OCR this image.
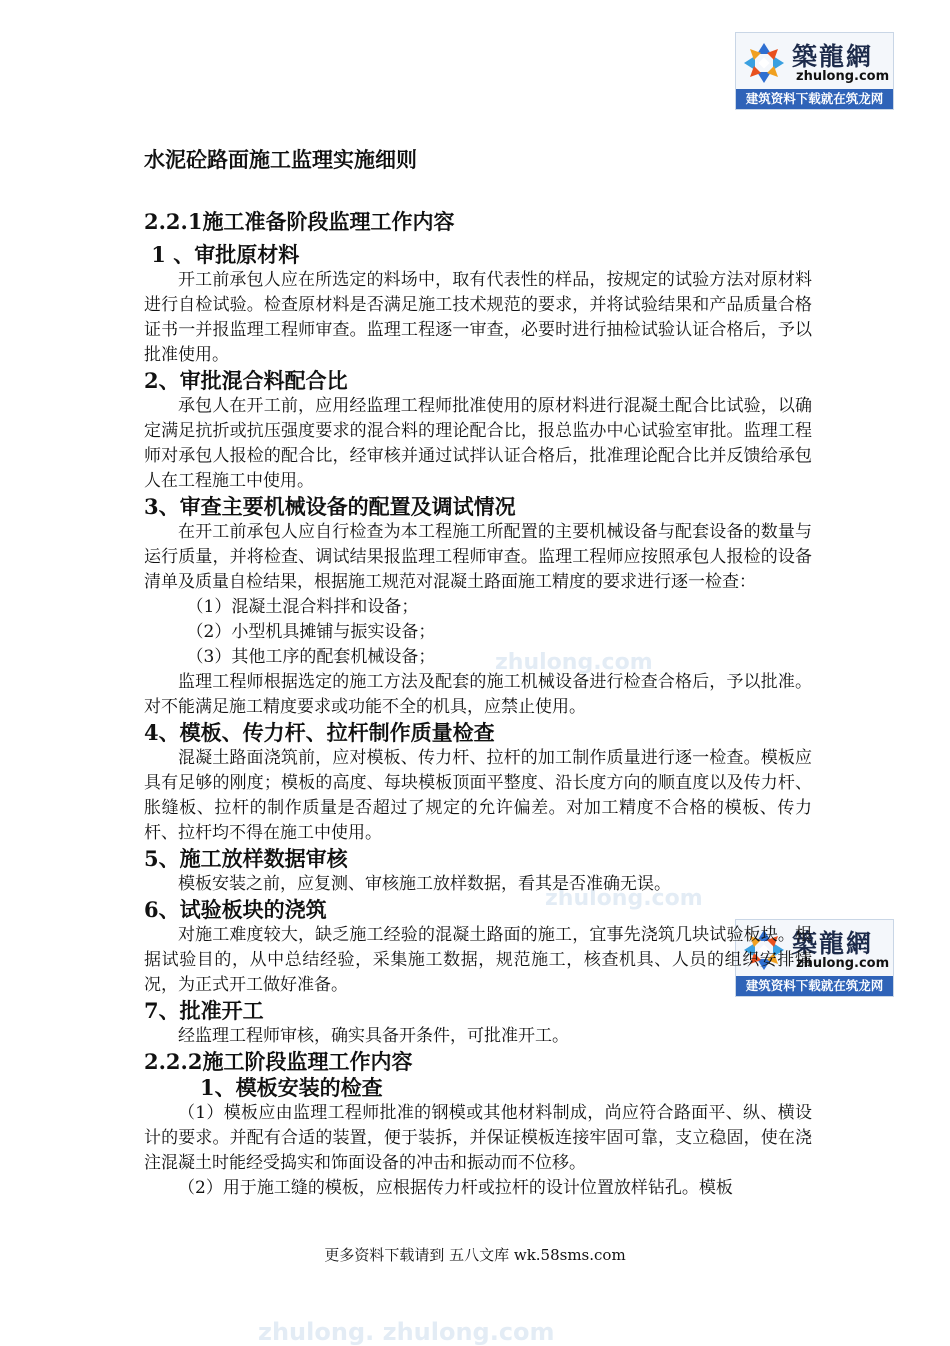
zhulong.com
zhulong.com
zhulong. zhulong.com
築龍網
zhulong.com
建筑资料下载就在筑龙网
築龍網
zhulong.com
建筑资料下载就在筑龙网
水泥砼路面施工监理实施细则
2.2.1施工准备阶段监理工作内容
1 、审批原材料
开工前承包人应在所选定的料场中，取有代表性的样品，按规定的试验方法对原材料进行自检试验。检查原材料是否满足施工技术规范的要求，并将试验结果和产品质量合格证书一并报监理工程师审查。监理工程逐一审查，必要时进行抽检试验认证合格后，予以批准使用。
2、审批混合料配合比
承包人在开工前，应用经监理工程师批准使用的原材料进行混凝土配合比试验，以确定满足抗折或抗压强度要求的混合料的理论配合比，报总监办中心试验室审批。监理工程师对承包人报检的配合比，经审核并通过试拌认证合格后，批准理论配合比并反馈给承包人在工程施工中使用。
3、审查主要机械设备的配置及调试情况
在开工前承包人应自行检查为本工程施工所配置的主要机械设备与配套设备的数量与运行质量，并将检查、调试结果报监理工程师审查。监理工程师应按照承包人报检的设备清单及质量自检结果，根据施工规范对混凝土路面施工精度的要求进行逐一检查：
（1）混凝土混合料拌和设备；
（2）小型机具摊铺与振实设备；
（3）其他工序的配套机械设备；
监理工程师根据选定的施工方法及配套的施工机械设备进行检查合格后，予以批准。对不能满足施工精度要求或功能不全的机具，应禁止使用。
4、模板、传力杆、拉杆制作质量检查
混凝土路面浇筑前，应对模板、传力杆、拉杆的加工制作质量进行逐一检查。模板应具有足够的刚度；模板的高度、每块模板顶面平整度、沿长度方向的顺直度以及传力杆、胀缝板、拉杆的制作质量是否超过了规定的允许偏差。对加工精度不合格的模板、传力杆、拉杆均不得在施工中使用。
5、施工放样数据审核
模板安装之前，应复测、审核施工放样数据，看其是否准确无误。
6、试验板块的浇筑
对施工难度较大，缺乏施工经验的混凝土路面的施工，宜事先浇筑几块试验板块。根据试验目的，从中总结经验，采集施工数据，规范施工，核查机具、人员的组织安排情况，为正式开工做好准备。
7、批准开工
经监理工程师审核，确实具备开条件，可批准开工。
2.2.2施工阶段监理工作内容
1、模板安装的检查
（1）模板应由监理工程师批准的钢模或其他材料制成，尚应符合路面平、纵、横设计的要求。并配有合适的装置，便于装拆，并保证模板连接牢固可靠，支立稳固，使在浇注混凝土时能经受捣实和饰面设备的冲击和振动而不位移。
（2）用于施工缝的模板，应根据传力杆或拉杆的设计位置放样钻孔。模板
更多资料下载请到 五八文库 wk.58sms.com
